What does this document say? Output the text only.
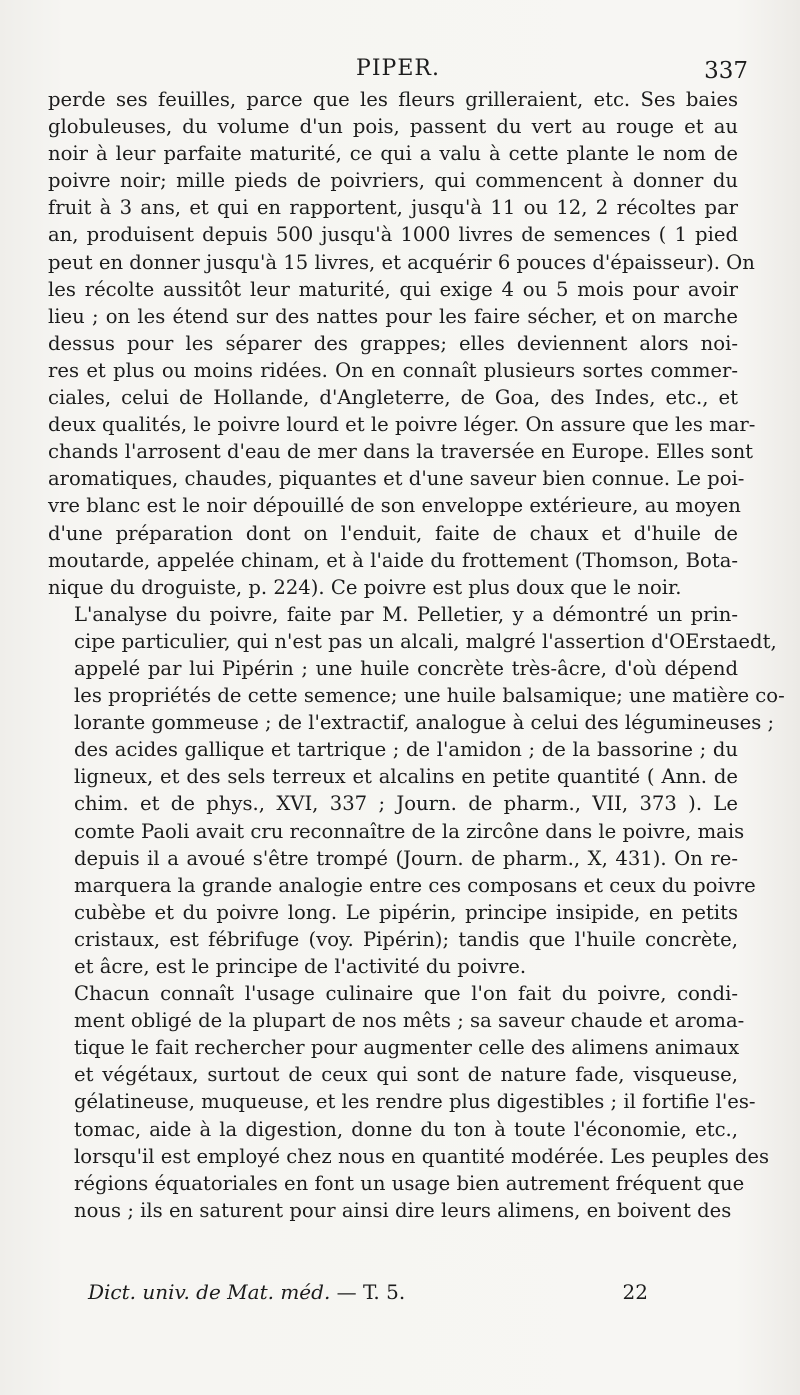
PIPER.	337
perde ses feuilles, parce que les fleurs grilleraient, etc. Ses baies
globuleuses, du volume d'un pois, passent du vert au rouge et au
noir à leur parfaite maturité, ce qui a valu à cette plante le nom de
poivre noir; mille pieds de poivriers, qui commencent à donner du
fruit à 3 ans, et qui en rapportent, jusqu'à 11 ou 12, 2 récoltes par
an, produisent depuis 500 jusqu'à 1000 livres de semences ( 1 pied
peut en donner jusqu'à 15 livres, et acquérir 6 pouces d'épaisseur). On
les récolte aussitôt leur maturité, qui exige 4 ou 5 mois pour avoir
lieu ; on les étend sur des nattes pour les faire sécher, et on marche
dessus pour les séparer des grappes; elles deviennent alors noi-
res et plus ou moins ridées. On en connaît plusieurs sortes commer-
ciales, celui de Hollande, d'Angleterre, de Goa, des Indes, etc., et
deux qualités, le poivre lourd et le poivre léger. On assure que les mar-
chands l'arrosent d'eau de mer dans la traversée en Europe. Elles sont
aromatiques, chaudes, piquantes et d'une saveur bien connue. Le poi-
vre blanc est le noir dépouillé de son enveloppe extérieure, au moyen
d'une préparation dont on l'enduit, faite de chaux et d'huile de
moutarde, appelée chinam, et à l'aide du frottement (Thomson, Bota-
nique du droguiste, p. 224). Ce poivre est plus doux que le noir.
L'analyse du poivre, faite par M. Pelletier, y a démontré un prin-
cipe particulier, qui n'est pas un alcali, malgré l'assertion d'OErstaedt,
appelé par lui Pipérin ; une huile concrète très-âcre, d'où dépend
les propriétés de cette semence; une huile balsamique; une matière co-
lorante gommeuse ; de l'extractif, analogue à celui des légumineuses ;
des acides gallique et tartrique ; de l'amidon ; de la bassorine ; du
ligneux, et des sels terreux et alcalins en petite quantité ( Ann. de
chim. et de phys., XVI, 337 ; Journ. de pharm., VII, 373 ). Le
comte Paoli avait cru reconnaître de la zircône dans le poivre, mais
depuis il a avoué s'être trompé (Journ. de pharm., X, 431). On re-
marquera la grande analogie entre ces composans et ceux du poivre
cubèbe et du poivre long. Le pipérin, principe insipide, en petits
cristaux, est fébrifuge (voy. Pipérin); tandis que l'huile concrète,
et âcre, est le principe de l'activité du poivre.
Chacun connaît l'usage culinaire que l'on fait du poivre, condi-
ment obligé de la plupart de nos mêts ; sa saveur chaude et aroma-
tique le fait rechercher pour augmenter celle des alimens animaux
et végétaux, surtout de ceux qui sont de nature fade, visqueuse,
gélatineuse, muqueuse, et les rendre plus digestibles ; il fortifie l'es-
tomac, aide à la digestion, donne du ton à toute l'économie, etc.,
lorsqu'il est employé chez nous en quantité modérée. Les peuples des
régions équatoriales en font un usage bien autrement fréquent que
nous ; ils en saturent pour ainsi dire leurs alimens, en boivent des
Dict. univ. de Mat. méd. — T. 5.	22
